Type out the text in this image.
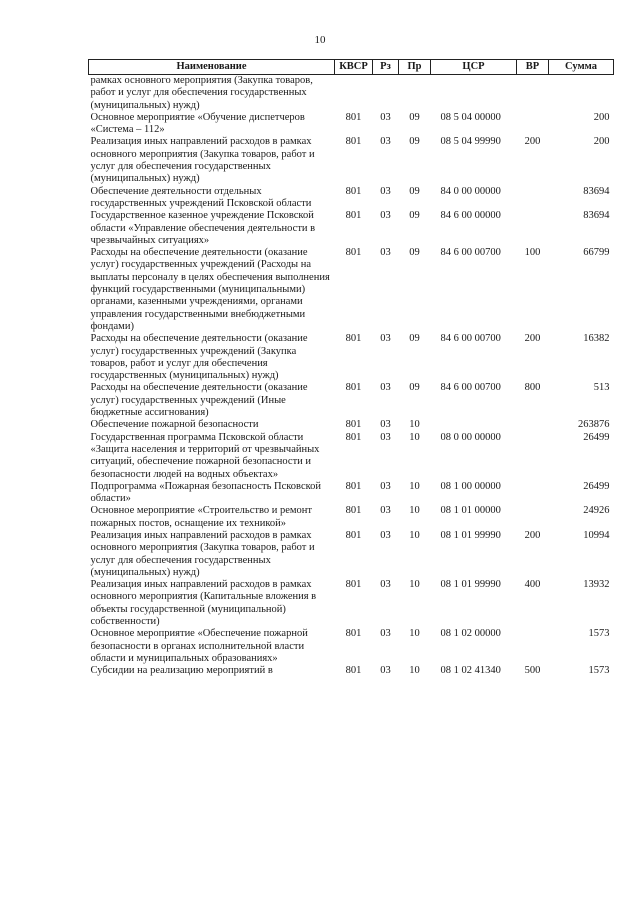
10
Наименование	КВСР	Рз	Пр	ЦСР	ВР	Сумма
рамках основного мероприятия (Закупка товаров, работ и услуг для обеспечения государственных (муниципальных) нужд)						
Основное мероприятие «Обучение диспетчеров «Система – 112»	801	03	09	08 5 04 00000		200
Реализация иных направлений расходов в рамках основного мероприятия (Закупка товаров, работ и услуг для обеспечения государственных (муниципальных) нужд)	801	03	09	08 5 04 99990	200	200
Обеспечение деятельности отдельных государственных учреждений Псковской области	801	03	09	84 0 00 00000		83694
Государственное казенное учреждение Псковской области «Управление обеспечения деятельности в чрезвычайных ситуациях»	801	03	09	84 6 00 00000		83694
Расходы на обеспечение деятельности (оказание услуг) государственных учреждений (Расходы на выплаты персоналу в целях обеспечения выполнения функций государственными (муниципальными) органами, казенными учреждениями, органами управления государственными внебюджетными фондами)	801	03	09	84 6 00 00700	100	66799
Расходы на обеспечение деятельности (оказание услуг) государственных учреждений (Закупка товаров, работ и услуг для обеспечения государственных (муниципальных) нужд)	801	03	09	84 6 00 00700	200	16382
Расходы на обеспечение деятельности (оказание услуг) государственных учреждений (Иные бюджетные ассигнования)	801	03	09	84 6 00 00700	800	513
Обеспечение пожарной безопасности	801	03	10			263876
Государственная программа Псковской области «Защита населения и территорий от чрезвычайных ситуаций, обеспечение пожарной безопасности и безопасности людей на водных объектах»	801	03	10	08 0 00 00000		26499
Подпрограмма «Пожарная безопасность Псковской области»	801	03	10	08 1 00 00000		26499
Основное мероприятие «Строительство и ремонт пожарных постов, оснащение их техникой»	801	03	10	08 1 01 00000		24926
Реализация иных направлений расходов в рамках основного мероприятия (Закупка товаров, работ и услуг для обеспечения государственных (муниципальных) нужд)	801	03	10	08 1 01 99990	200	10994
Реализация иных направлений расходов в рамках основного мероприятия (Капитальные вложения в объекты государственной (муниципальной) собственности)	801	03	10	08 1 01 99990	400	13932
Основное мероприятие «Обеспечение пожарной безопасности в органах исполнительной власти области и муниципальных образованиях»	801	03	10	08 1 02 00000		1573
Субсидии на реализацию мероприятий в	801	03	10	08 1 02 41340	500	1573
